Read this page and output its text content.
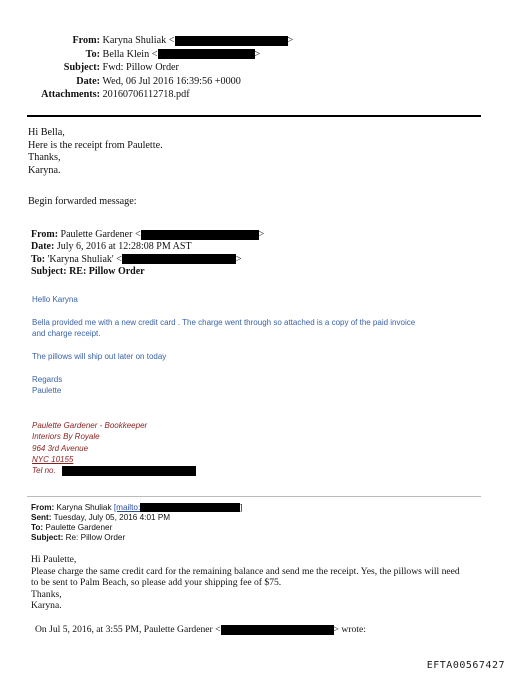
From: Karyna Shuliak <	>
To: Bella Klein <	>
Subject: Fwd: Pillow Order
Date: Wed, 06 Jul 2016 16:39:56 +0000
Attachments: 20160706112718.pdf
Hi Bella,
Here is the receipt from Paulette.
Thanks,
Karyna.
Begin forwarded message:
From: Paulette Gardener <	>
Date: July 6, 2016 at 12:28:08 PM AST
To: 'Karyna Shuliak' <	>
Subject: RE: Pillow Order
Hello Karyna
Bella provided me with a new credit card . The charge went through so attached is a copy of the paid invoice
and charge receipt.
The pillows will ship out later on today
Regards
Paulette
Paulette Gardener - Bookkeeper
Interiors By Royale
964 3rd Avenue
NYC 10155
Tel no.
From: Karyna Shuliak [mailto:	]
Sent: Tuesday, July 05, 2016 4:01 PM
To: Paulette Gardener
Subject: Re: Pillow Order
Hi Paulette,
Please charge the same credit card for the remaining balance and send me the receipt. Yes, the pillows will need
to be sent to Palm Beach, so please add your shipping fee of $75.
Thanks,
Karyna.
On Jul 5, 2016, at 3:55 PM, Paulette Gardener <	> wrote:
EFTA00567427
